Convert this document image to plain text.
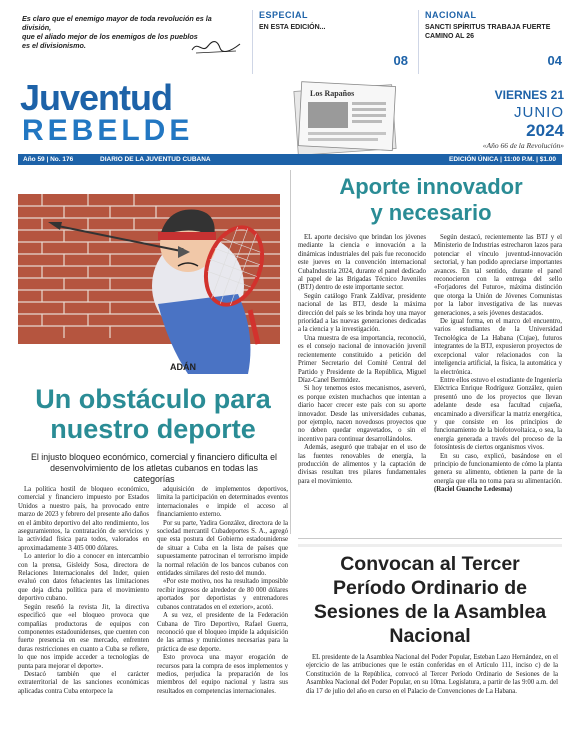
Es claro que el enemigo mayor de toda revolución es la división,
que el aliado mejor de los enemigos de los pueblos
es el divisionismo.
ESPECIAL
EN ESTA EDICIÓN...
08
NACIONAL
SANCTI SPÍRITUS TRABAJA FUERTE CAMINO AL 26
04
Juventud
REBELDE
Los Rapaños	VIERNES 21
JUNIO
2024
«Año 66 de la Revolución»
Año 59 | No. 176	DIARIO DE LA JUVENTUD CUBANA	EDICIÓN ÚNICA | 11:00 P.M. | $1.00
ADÁN
Un obstáculo para nuestro deporte
El injusto bloqueo económico, comercial y financiero dificulta el desenvolvimiento de los atletas cubanos en todas las categorías

La política hostil de bloqueo económico, comercial y financiero impuesto por Estados Unidos a nuestro país, ha provocado entre marzo de 2023 y febrero del presente año daños en el ámbito deportivo del alto rendimiento, los aseguramientos, la contratación de servicios y la actividad física para todos, valorados en aproximadamente 3 405 000 dólares.

Lo anterior lo dio a conocer en intercambio con la prensa, Gisleidy Sosa, directora de Relaciones Internacionales del Inder, quien evaluó con datos fehacientes las limitaciones que deja dicha política para el movimiento deportivo cubano.

Según reseñó la revista Jit, la directiva especificó que «el bloqueo provoca que compañías productoras de equipos con componentes estadounidenses, que cuenten con fuerte presencia en ese mercado, enfrenten duras restricciones en cuanto a Cuba se refiere, lo que nos impide acceder a tecnologías de punta para mejorar el deporte».

Destacó también que el carácter extraterritorial de las sanciones económicas aplicadas contra Cuba entorpece la

adquisición de implementos deportivos, limita la participación en determinados eventos internacionales e impide el acceso al financiamiento externo.

Por su parte, Yadira González, directora de la sociedad mercantil Cubadeportes S. A., agregó que esta postura del Gobierno estadounidense de situar a Cuba en la lista de países que supuestamente patrocinan el terrorismo impide la normal relación de los bancos cubanos con entidades similares del resto del mundo.

«Por este motivo, nos ha resultado imposible recibir ingresos de alrededor de 80 000 dólares aportados por deportistas y entrenadores cubanos contratados en el exterior», acotó.

A su vez, el presidente de la Federación Cubana de Tiro Deportivo, Rafael Guerra, reconoció que el bloqueo impide la adquisición de las armas y municiones necesarias para la práctica de ese deporte.

Esto provoca una mayor erogación de recursos para la compra de esos implementos y medios, perjudica la preparación de los miembros del equipo nacional y lastra sus resultados en competencias internacionales.

Aporte innovador
y necesario

EL aporte decisivo que brindan los jóvenes mediante la ciencia e innovación a la dinámicas industriales del país fue reconocido este jueves en la convención internacional CubaIndustria 2024, durante el panel dedicado al papel de las Brigadas Técnico Juveniles (BTJ) dentro de este importante sector.

Según catálogo Frank Zaldívar, presidente nacional de las BTJ, desde la máxima dirección del país se les brinda hoy una mayor prioridad a las nuevas generaciones dedicadas a la ciencia y la investigación.

Una muestra de esa importancia, reconoció, es el consejo nacional de innovación juvenil recientemente constituido a petición del Primer Secretario del Comité Central del Partido y Presidente de la República, Miguel Díaz-Canel Bermúdez.

Si hoy tenemos estos mecanismos, aseveró, es porque existen muchachos que intentan a diario hacer crecer este país con su aporte innovador. Desde las universidades cubanas, por ejemplo, nacen novedosos proyectos que no deben quedar engavetados, o sin el incentivo para continuar desarrollándolos.

Además, aseguró que trabajar en el uso de las fuentes renovables de energía, la producción de alimentos y la captación de divisas resultan tres pilares fundamentales para el movimiento.

Según destacó, recientemente las BTJ y el Ministerio de Industrias estrecharon lazos para potenciar el vínculo juventud-innovación sectorial, y han podido apreciarse importantes avances. En tal sentido, durante el panel reconocieron con la entrega del sello «Forjadores del Futuro», máxima distinción que otorga la Unión de Jóvenes Comunistas por la labor investigativa de las nuevas generaciones, a seis jóvenes destacados.

De igual forma, en el marco del encuentro, varios estudiantes de la Universidad Tecnológica de La Habana (Cujae), futuros integrantes de la BTJ, expusieron proyectos de excepcional valor relacionados con la inteligencia artificial, la física, la automática y la electrónica.

Entre ellos estuvo el estudiante de Ingeniería Eléctrica Enrique Rodríguez González, quien presentó uno de los proyectos que llevan adelante desde esa facultad cujaeña, encaminado a diversificar la matriz energética, y que consiste en los principios de funcionamiento de la biofotovoltaica, o sea, la energía generada a través del proceso de la fotosíntesis de ciertos organismos vivos.

En su caso, explicó, basándose en el principio de funcionamiento de cómo la planta genera su alimento, obtienen la parte de la energía que ella no toma para su alimentación. (Raciel Guanche Ledesma)

Convocan al Tercer
Período Ordinario de
Sesiones de la Asamblea
Nacional

EL presidente de la Asamblea Nacional del Poder Popular, Esteban Lazo Hernández, en el ejercicio de las atribuciones que le están conferidas en el Artículo 111, inciso c) de la Constitución de la República, convocó al Tercer Período Ordinario de Sesiones de la Asamblea Nacional del Poder Popular, en su 10ma. Legislatura, a partir de las 9:00 a.m. del día 17 de julio del año en curso en el Palacio de Convenciones de La Habana.
